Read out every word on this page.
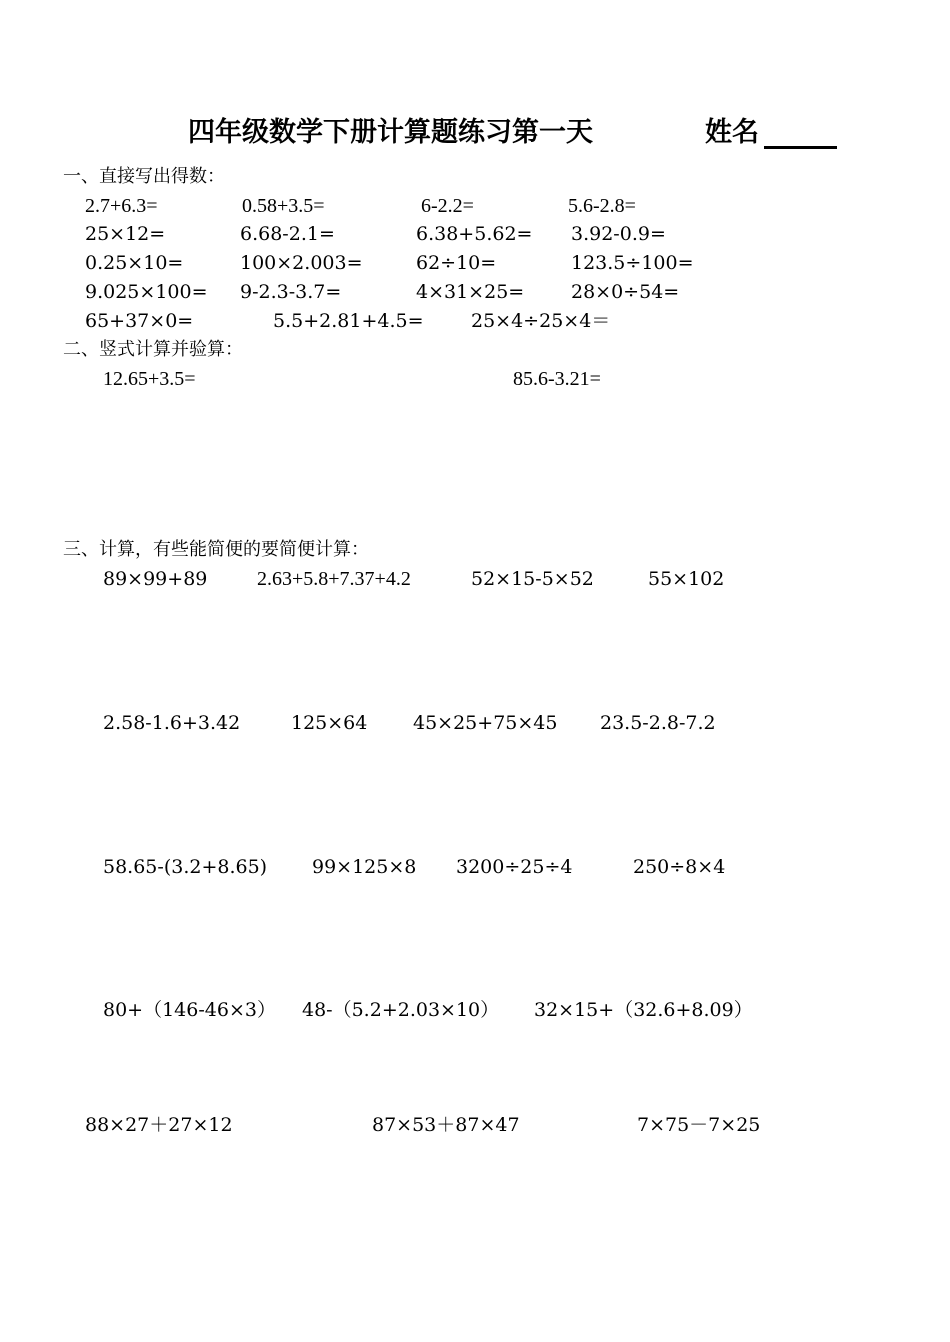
四年级数学下册计算题练习第一天	姓名
一、直接写出得数：
2.7+6.3=	0.58+3.5=	6-2.2=	5.6-2.8=
25×12=	6.68-2.1=	6.38+5.62= 3.92-0.9=
0.25×10=	100×2.003=	62÷10=	123.5÷100=
9.025×100= 9-2.3-3.7=	4×31×25= 28×0÷54=
65+37×0=	5.5+2.81+4.5=	25×4÷25×4＝
二、竖式计算并验算：
12.65+3.5=	85.6-3.21=
三、计算，有些能简便的要简便计算：
89×99+89 2.63+5.8+7.37+4.2	52×15-5×52	55×102
2.58-1.6+3.42	125×64 45×25+75×45 23.5-2.8-7.2
58.65-(3.2+8.65) 99×125×8 3200÷25÷4	250÷8×4
80+（146-46×3） 48-（5.2+2.03×10） 32×15+（32.6+8.09）
88×27＋27×12	87×53＋87×47	7×75－7×25
